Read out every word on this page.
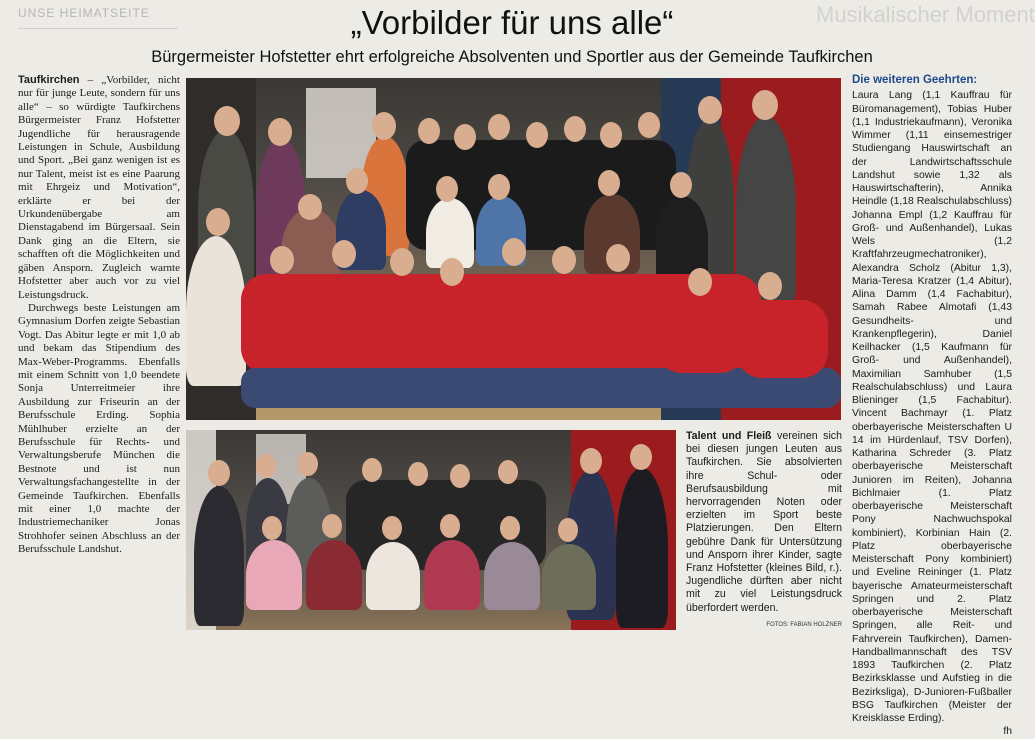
UNSE HEIMATSEITE	Musikalischer Moment
„Vorbilder für uns alle“
Bürgermeister Hofstetter ehrt erfolgreiche Absolventen und Sportler aus der Gemeinde Taufkirchen

Taufkirchen – „Vorbilder, nicht nur für junge Leute, sondern für uns alle“ – so würdigte Taufkirchens Bürgermeister Franz Hofstetter Jugendliche für herausragende Leistungen in Schule, Ausbildung und Sport. „Bei ganz wenigen ist es nur Talent, meist ist es eine Paarung mit Ehrgeiz und Motivation“, erklärte er bei der Urkundenübergabe am Dienstagabend im Bürgersaal. Sein Dank ging an die Eltern, sie schafften oft die Möglichkeiten und gäben Ansporn. Zugleich warnte Hofstetter aber auch vor zu viel Leistungsdruck.

Durchwegs beste Leistungen am Gymnasium Dorfen zeigte Sebastian Vogt. Das Abitur legte er mit 1,0 ab und bekam das Stipendium des Max-Weber-Programms. Ebenfalls mit einem Schnitt von 1,0 beendete Sonja Unterreitmeier ihre Ausbildung zur Friseurin an der Berufsschule Erding. Sophia Mühlhuber erzielte an der Berufsschule für Rechts- und Verwaltungsberufe München die Bestnote und ist nun Verwaltungsfachangestellte in der Gemeinde Taufkirchen. Ebenfalls mit einer 1,0 machte der Industriemechaniker Jonas Strohhofer seinen Abschluss an der Berufsschule Landshut.

Talent und Fleiß vereinen sich bei diesen jungen Leuten aus Taufkirchen. Sie absolvierten ihre Schul- oder Berufsausbildung mit hervorragenden Noten oder erzielten im Sport beste Platzierungen. Den Eltern gebühre Dank für Untersützung und Ansporn ihrer Kinder, sagte Franz Hofstetter (kleines Bild, r.). Jugendliche dürften aber nicht mit zu viel Leistungsdruck überfordert werden.
FOTOS: FABIAN HOLZNER
Die weiteren Geehrten:
Laura Lang (1,1 Kauffrau für Büromanagement), Tobias Huber (1,1 Industriekaufmann), Veronika Wimmer (1,11 einsemestriger Studiengang Hauswirtschaft an der Landwirtschaftsschule Landshut sowie 1,32 als Hauswirtschafterin), Annika Heindle (1,18 Realschulabschluss) Johanna Empl (1,2 Kauffrau für Groß- und Außenhandel), Lukas Wels (1,2 Kraftfahrzeugmechatroniker), Alexandra Scholz (Abitur 1,3), Maria-Teresa Kratzer (1,4 Abitur), Alina Damm (1,4 Fachabitur), Samah Rabee Almotafi (1,43 Gesundheits- und Krankenpflegerin), Daniel Keilhacker (1,5 Kaufmann für Groß- und Außenhandel), Maximilian Samhuber (1,5 Realschulabschluss) und Laura Blieninger (1,5 Fachabitur). Vincent Bachmayr (1. Platz oberbayerische Meisterschaften U 14 im Hürdenlauf, TSV Dorfen), Katharina Schreder (3. Platz oberbayerische Meisterschaft Junioren im Reiten), Johanna Bichlmaier (1. Platz oberbayerische Meisterschaft Pony Nachwuchspokal kombiniert), Korbinian Hain (2. Platz oberbayerische Meisterschaft Pony kombiniert) und Eveline Reininger (1. Platz bayerische Amateurmeisterschaft Springen und 2. Platz oberbayerische Meisterschaft Springen, alle Reit- und Fahrverein Taufkirchen), Damen-Handballmannschaft des TSV 1893 Taufkirchen (2. Platz Bezirksklasse und Aufstieg in die Bezirksliga), D-Junioren-Fußballer BSG Taufkirchen (Meister der Kreisklasse Erding).
fh
